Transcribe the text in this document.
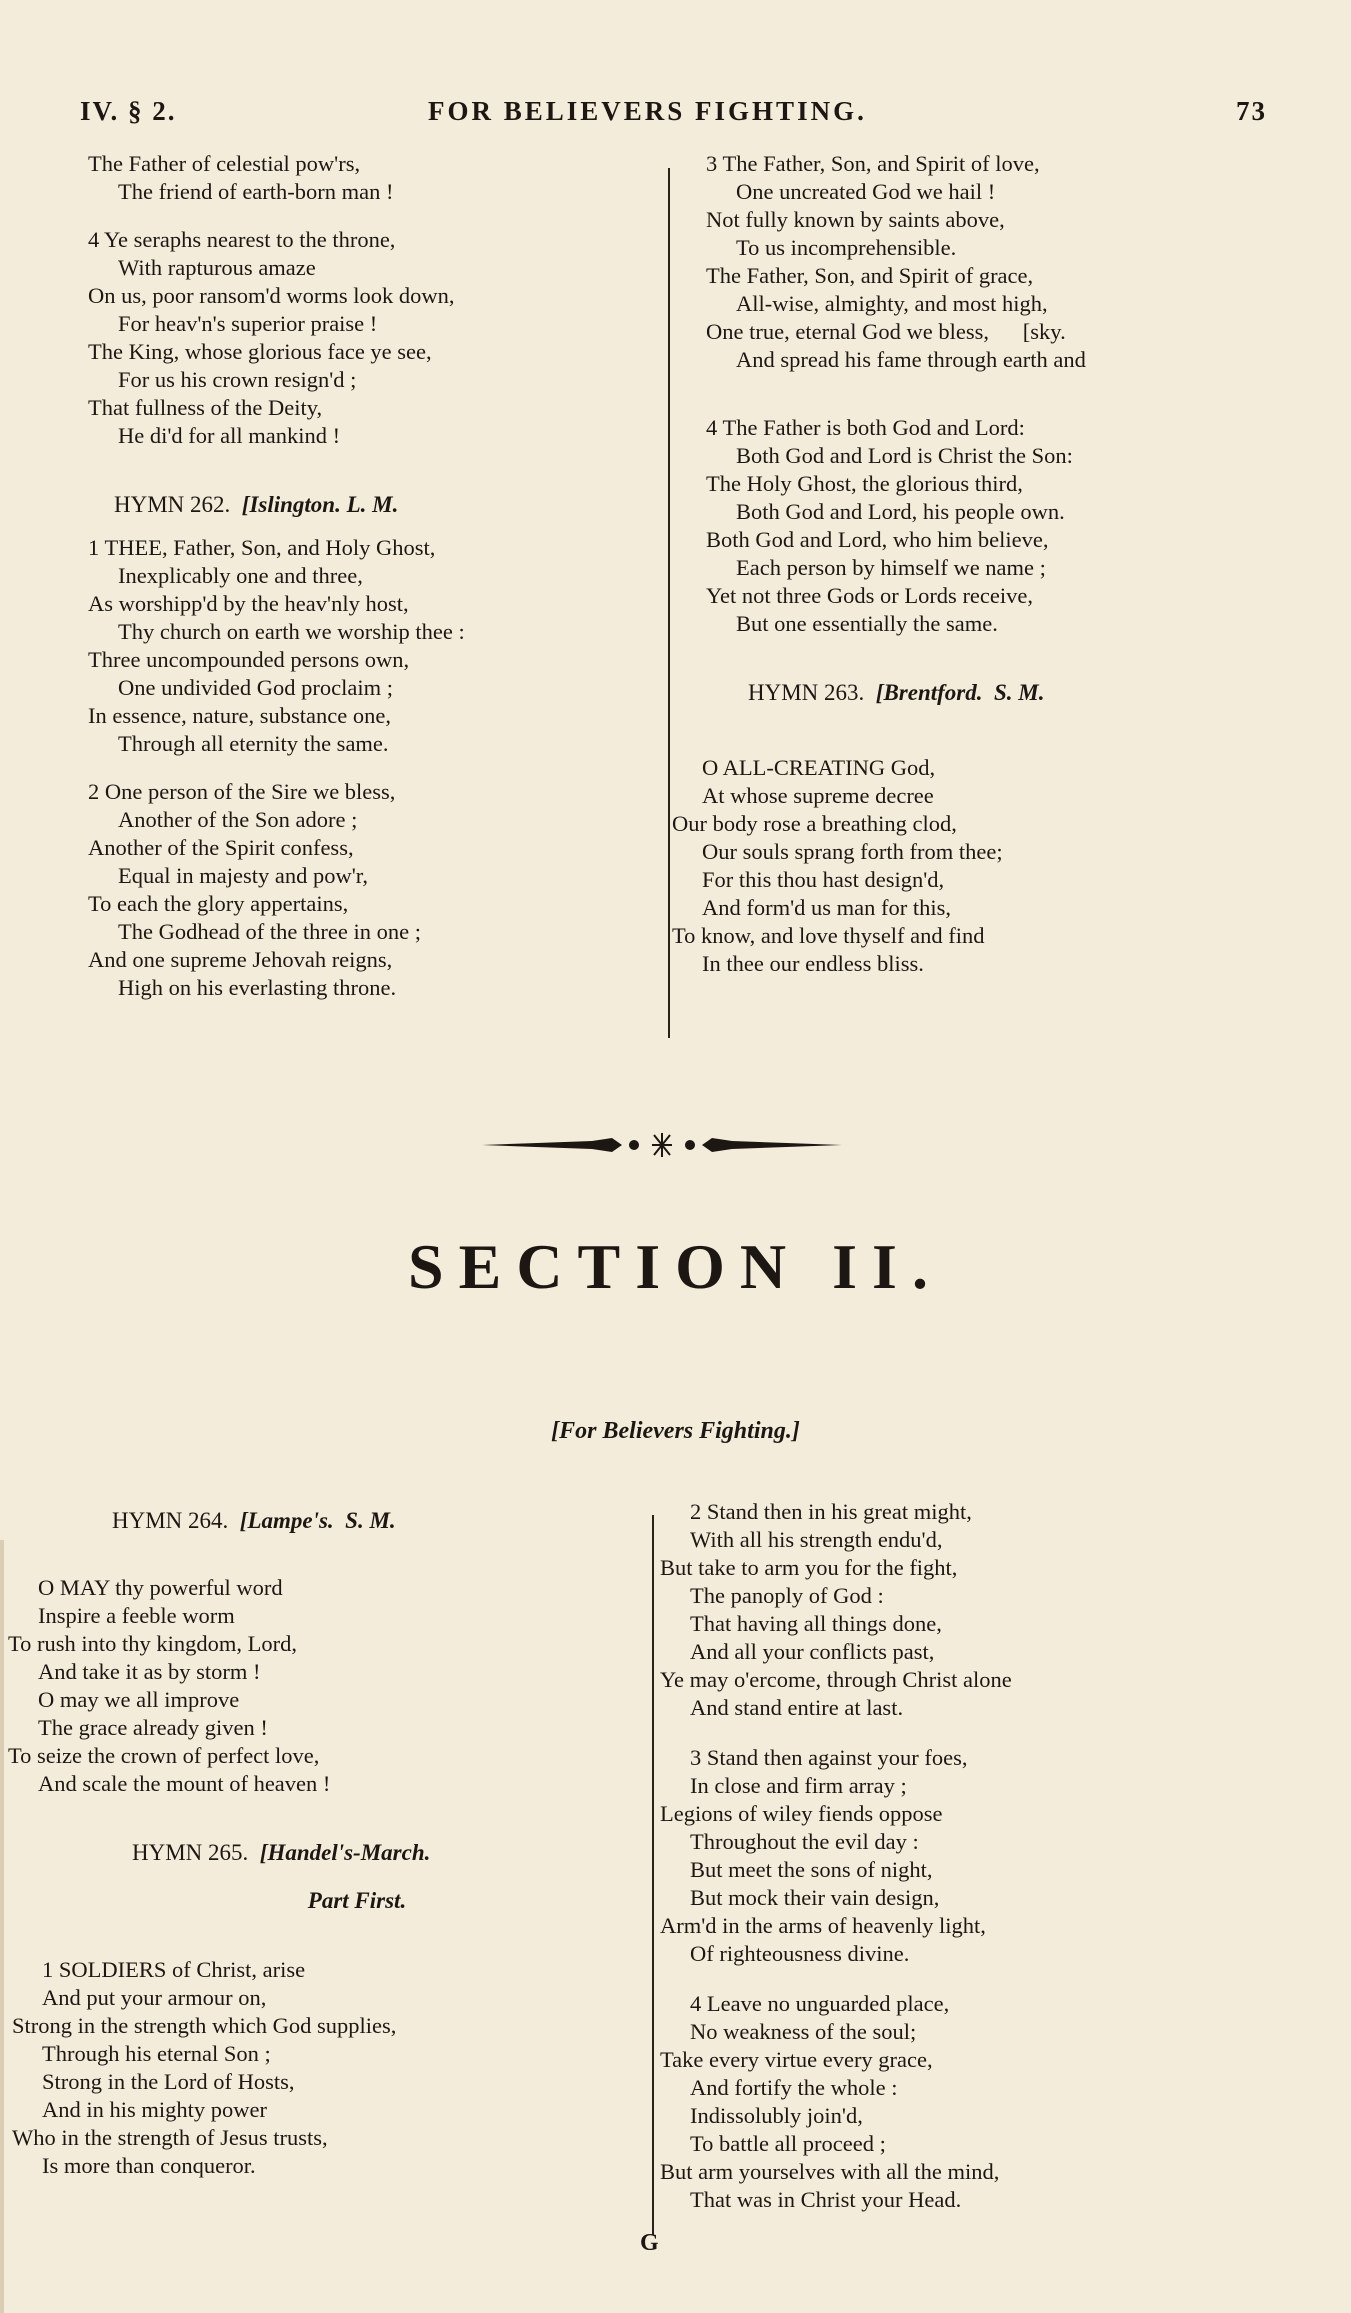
IV. § 2.	FOR BELIEVERS FIGHTING.	73
The Father of celestial pow'rs,
The friend of earth-born man !
4 Ye seraphs nearest to the throne,
With rapturous amaze
On us, poor ransom'd worms look down,
For heav'n's superior praise !
The King, whose glorious face ye see,
For us his crown resign'd ;
That fullness of the Deity,
He di'd for all mankind !
HYMN 262. [Islington. L. M.
1 THEE, Father, Son, and Holy Ghost,
Inexplicably one and three,
As worshipp'd by the heav'nly host,
Thy church on earth we worship thee :
Three uncompounded persons own,
One undivided God proclaim ;
In essence, nature, substance one,
Through all eternity the same.
2 One person of the Sire we bless,
Another of the Son adore ;
Another of the Spirit confess,
Equal in majesty and pow'r,
To each the glory appertains,
The Godhead of the three in one ;
And one supreme Jehovah reigns,
High on his everlasting throne.
3 The Father, Son, and Spirit of love,
One uncreated God we hail !
Not fully known by saints above,
To us incomprehensible.
The Father, Son, and Spirit of grace,
All-wise, almighty, and most high,
One true, eternal God we bless,      [sky.
And spread his fame through earth and
4 The Father is both God and Lord:
Both God and Lord is Christ the Son:
The Holy Ghost, the glorious third,
Both God and Lord, his people own.
Both God and Lord, who him believe,
Each person by himself we name ;
Yet not three Gods or Lords receive,
But one essentially the same.
HYMN 263. [Brentford.  S. M.
O ALL-CREATING God,
At whose supreme decree
Our body rose a breathing clod,
Our souls sprang forth from thee;
For this thou hast design'd,
And form'd us man for this,
To know, and love thyself and find
In thee our endless bliss.
SECTION II.
[For Believers Fighting.]
HYMN 264. [Lampe's.  S. M.
O MAY thy powerful word
Inspire a feeble worm
To rush into thy kingdom, Lord,
And take it as by storm !
O may we all improve
The grace already given !
To seize the crown of perfect love,
And scale the mount of heaven !
HYMN 265. [Handel's-March.
Part First.
1 SOLDIERS of Christ, arise
And put your armour on,
Strong in the strength which God supplies,
Through his eternal Son ;
Strong in the Lord of Hosts,
And in his mighty power
Who in the strength of Jesus trusts,
Is more than conqueror.
2 Stand then in his great might,
With all his strength endu'd,
But take to arm you for the fight,
The panoply of God :
That having all things done,
And all your conflicts past,
Ye may o'ercome, through Christ alone
And stand entire at last.
3 Stand then against your foes,
In close and firm array ;
Legions of wiley fiends oppose
Throughout the evil day :
But meet the sons of night,
But mock their vain design,
Arm'd in the arms of heavenly light,
Of righteousness divine.
4 Leave no unguarded place,
No weakness of the soul;
Take every virtue every grace,
And fortify the whole :
Indissolubly join'd,
To battle all proceed ;
But arm yourselves with all the mind,
That was in Christ your Head.
G
